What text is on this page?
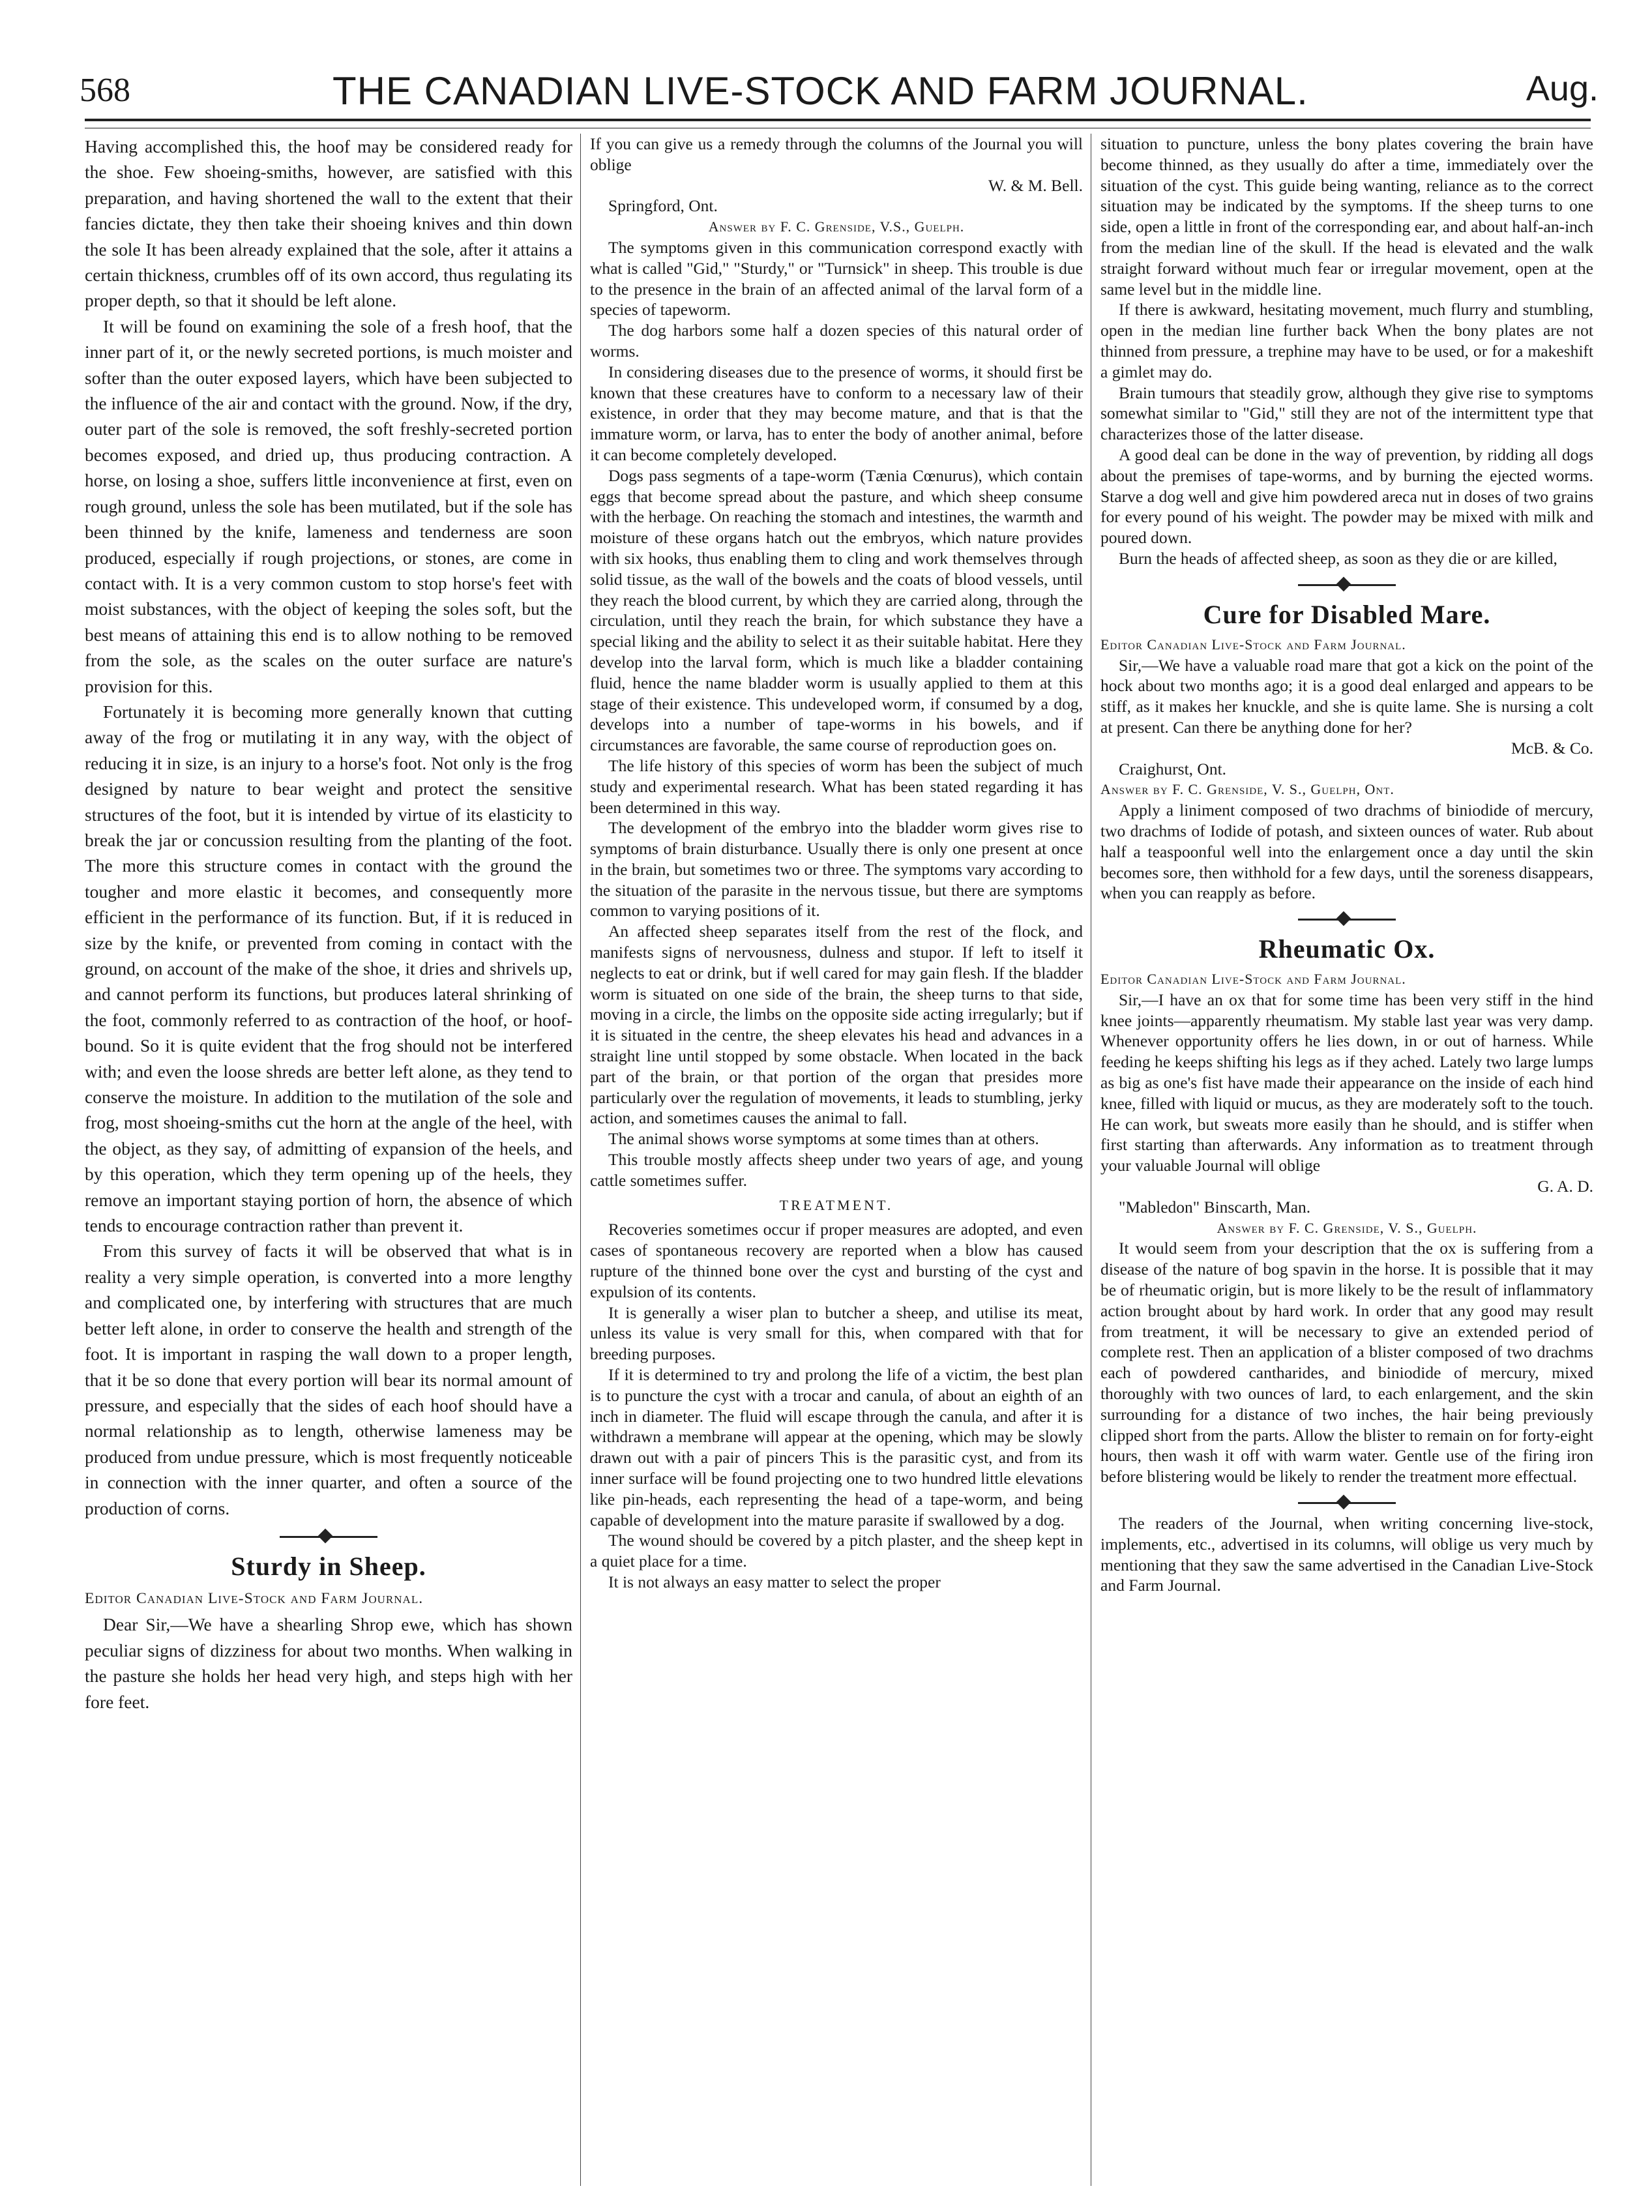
568	THE CANADIAN LIVE-STOCK AND FARM JOURNAL.	Aug.

Having accomplished this, the hoof may be considered ready for the shoe. Few shoeing-smiths, however, are satisfied with this preparation, and having shortened the wall to the extent that their fancies dictate, they then take their shoeing knives and thin down the sole It has been already explained that the sole, after it attains a certain thickness, crumbles off of its own accord, thus regulating its proper depth, so that it should be left alone.

It will be found on examining the sole of a fresh hoof, that the inner part of it, or the newly secreted portions, is much moister and softer than the outer exposed layers, which have been subjected to the influence of the air and contact with the ground. Now, if the dry, outer part of the sole is removed, the soft freshly-secreted portion becomes exposed, and dried up, thus producing contraction. A horse, on losing a shoe, suffers little inconvenience at first, even on rough ground, unless the sole has been mutilated, but if the sole has been thinned by the knife, lameness and tenderness are soon produced, especially if rough projections, or stones, are come in contact with. It is a very common custom to stop horse's feet with moist substances, with the object of keeping the soles soft, but the best means of attaining this end is to allow nothing to be removed from the sole, as the scales on the outer surface are nature's provision for this.

Fortunately it is becoming more generally known that cutting away of the frog or mutilating it in any way, with the object of reducing it in size, is an injury to a horse's foot. Not only is the frog designed by nature to bear weight and protect the sensitive structures of the foot, but it is intended by virtue of its elasticity to break the jar or concussion resulting from the planting of the foot. The more this structure comes in contact with the ground the tougher and more elastic it becomes, and consequently more efficient in the performance of its function. But, if it is reduced in size by the knife, or prevented from coming in contact with the ground, on account of the make of the shoe, it dries and shrivels up, and cannot perform its functions, but produces lateral shrinking of the foot, commonly referred to as contraction of the hoof, or hoof-bound. So it is quite evident that the frog should not be interfered with; and even the loose shreds are better left alone, as they tend to conserve the moisture. In addition to the mutilation of the sole and frog, most shoeing-smiths cut the horn at the angle of the heel, with the object, as they say, of admitting of expansion of the heels, and by this operation, which they term opening up of the heels, they remove an important staying portion of horn, the absence of which tends to encourage contraction rather than prevent it.

From this survey of facts it will be observed that what is in reality a very simple operation, is converted into a more lengthy and complicated one, by interfering with structures that are much better left alone, in order to conserve the health and strength of the foot. It is important in rasping the wall down to a proper length, that it be so done that every portion will bear its normal amount of pressure, and especially that the sides of each hoof should have a normal relationship as to length, otherwise lameness may be produced from undue pressure, which is most frequently noticeable in connection with the inner quarter, and often a source of the production of corns.

Sturdy in Sheep.

Editor Canadian Live-Stock and Farm Journal.

Dear Sir,—We have a shearling Shrop ewe, which has shown peculiar signs of dizziness for about two months. When walking in the pasture she holds her head very high, and steps high with her fore feet.

If you can give us a remedy through the columns of the Journal you will oblige
W. & M. Bell.

Springford, Ont.

Answer by F. C. Grenside, V.S., Guelph.

The symptoms given in this communication correspond exactly with what is called "Gid," "Sturdy," or "Turnsick" in sheep. This trouble is due to the presence in the brain of an affected animal of the larval form of a species of tapeworm.

The dog harbors some half a dozen species of this natural order of worms.

In considering diseases due to the presence of worms, it should first be known that these creatures have to conform to a necessary law of their existence, in order that they may become mature, and that is that the immature worm, or larva, has to enter the body of another animal, before it can become completely developed.

Dogs pass segments of a tape-worm (Tænia Cœnurus), which contain eggs that become spread about the pasture, and which sheep consume with the herbage. On reaching the stomach and intestines, the warmth and moisture of these organs hatch out the embryos, which nature provides with six hooks, thus enabling them to cling and work themselves through solid tissue, as the wall of the bowels and the coats of blood vessels, until they reach the blood current, by which they are carried along, through the circulation, until they reach the brain, for which substance they have a special liking and the ability to select it as their suitable habitat. Here they develop into the larval form, which is much like a bladder containing fluid, hence the name bladder worm is usually applied to them at this stage of their existence. This undeveloped worm, if consumed by a dog, develops into a number of tape-worms in his bowels, and if circumstances are favorable, the same course of reproduction goes on.

The life history of this species of worm has been the subject of much study and experimental research. What has been stated regarding it has been determined in this way.

The development of the embryo into the bladder worm gives rise to symptoms of brain disturbance. Usually there is only one present at once in the brain, but sometimes two or three. The symptoms vary according to the situation of the parasite in the nervous tissue, but there are symptoms common to varying positions of it.

An affected sheep separates itself from the rest of the flock, and manifests signs of nervousness, dulness and stupor. If left to itself it neglects to eat or drink, but if well cared for may gain flesh. If the bladder worm is situated on one side of the brain, the sheep turns to that side, moving in a circle, the limbs on the opposite side acting irregularly; but if it is situated in the centre, the sheep elevates his head and advances in a straight line until stopped by some obstacle. When located in the back part of the brain, or that portion of the organ that presides more particularly over the regulation of movements, it leads to stumbling, jerky action, and sometimes causes the animal to fall.

The animal shows worse symptoms at some times than at others.

This trouble mostly affects sheep under two years of age, and young cattle sometimes suffer.

TREATMENT.

Recoveries sometimes occur if proper measures are adopted, and even cases of spontaneous recovery are reported when a blow has caused rupture of the thinned bone over the cyst and bursting of the cyst and expulsion of its contents.

It is generally a wiser plan to butcher a sheep, and utilise its meat, unless its value is very small for this, when compared with that for breeding purposes.

If it is determined to try and prolong the life of a victim, the best plan is to puncture the cyst with a trocar and canula, of about an eighth of an inch in diameter. The fluid will escape through the canula, and after it is withdrawn a membrane will appear at the opening, which may be slowly drawn out with a pair of pincers This is the parasitic cyst, and from its inner surface will be found projecting one to two hundred little elevations like pin-heads, each representing the head of a tape-worm, and being capable of development into the mature parasite if swallowed by a dog.

The wound should be covered by a pitch plaster, and the sheep kept in a quiet place for a time.

It is not always an easy matter to select the proper

situation to puncture, unless the bony plates covering the brain have become thinned, as they usually do after a time, immediately over the situation of the cyst. This guide being wanting, reliance as to the correct situation may be indicated by the symptoms. If the sheep turns to one side, open a little in front of the corresponding ear, and about half-an-inch from the median line of the skull. If the head is elevated and the walk straight forward without much fear or irregular movement, open at the same level but in the middle line.

If there is awkward, hesitating movement, much flurry and stumbling, open in the median line further back When the bony plates are not thinned from pressure, a trephine may have to be used, or for a makeshift a gimlet may do.

Brain tumours that steadily grow, although they give rise to symptoms somewhat similar to "Gid," still they are not of the intermittent type that characterizes those of the latter disease.

A good deal can be done in the way of prevention, by ridding all dogs about the premises of tape-worms, and by burning the ejected worms. Starve a dog well and give him powdered areca nut in doses of two grains for every pound of his weight. The powder may be mixed with milk and poured down.

Burn the heads of affected sheep, as soon as they die or are killed,

Cure for Disabled Mare.

Editor Canadian Live-Stock and Farm Journal.

Sir,—We have a valuable road mare that got a kick on the point of the hock about two months ago; it is a good deal enlarged and appears to be stiff, as it makes her knuckle, and she is quite lame. She is nursing a colt at present. Can there be anything done for her?
McB. & Co.

Craighurst, Ont.

Answer by F. C. Grenside, V. S., Guelph, Ont.

Apply a liniment composed of two drachms of biniodide of mercury, two drachms of Iodide of potash, and sixteen ounces of water. Rub about half a teaspoonful well into the enlargement once a day until the skin becomes sore, then withhold for a few days, until the soreness disappears, when you can reapply as before.

Rheumatic Ox.

Editor Canadian Live-Stock and Farm Journal.

Sir,—I have an ox that for some time has been very stiff in the hind knee joints—apparently rheumatism. My stable last year was very damp. Whenever opportunity offers he lies down, in or out of harness. While feeding he keeps shifting his legs as if they ached. Lately two large lumps as big as one's fist have made their appearance on the inside of each hind knee, filled with liquid or mucus, as they are moderately soft to the touch. He can work, but sweats more easily than he should, and is stiffer when first starting than afterwards. Any information as to treatment through your valuable Journal will oblige
G. A. D.

"Mabledon" Binscarth, Man.

Answer by F. C. Grenside, V. S., Guelph.

It would seem from your description that the ox is suffering from a disease of the nature of bog spavin in the horse. It is possible that it may be of rheumatic origin, but is more likely to be the result of inflammatory action brought about by hard work. In order that any good may result from treatment, it will be necessary to give an extended period of complete rest. Then an application of a blister composed of two drachms each of powdered cantharides, and biniodide of mercury, mixed thoroughly with two ounces of lard, to each enlargement, and the skin surrounding for a distance of two inches, the hair being previously clipped short from the parts. Allow the blister to remain on for forty-eight hours, then wash it off with warm water. Gentle use of the firing iron before blistering would be likely to render the treatment more effectual.

The readers of the Journal, when writing concerning live-stock, implements, etc., advertised in its columns, will oblige us very much by mentioning that they saw the same advertised in the Canadian Live-Stock and Farm Journal.
